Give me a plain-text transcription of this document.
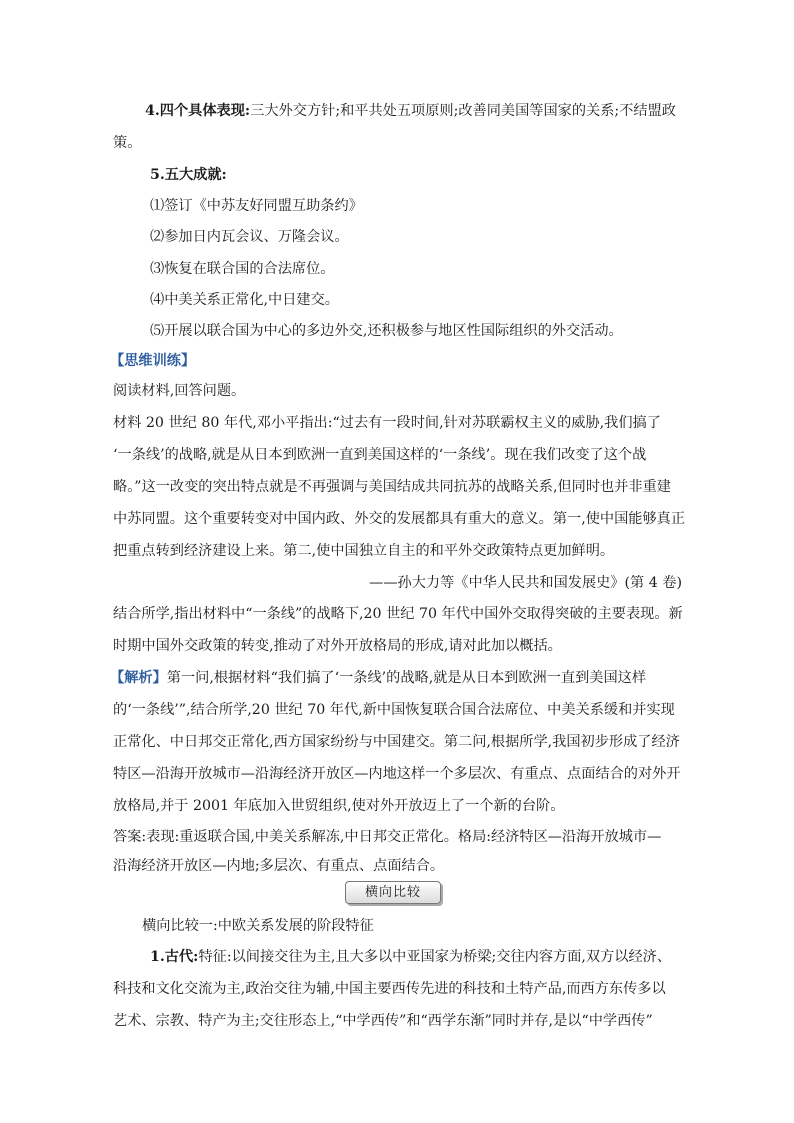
4.四个具体表现:三大外交方针;和平共处五项原则;改善同美国等国家的关系;不结盟政
策。
5.五大成就:
⑴签订《中苏友好同盟互助条约》
⑵参加日内瓦会议、万隆会议。
⑶恢复在联合国的合法席位。
⑷中美关系正常化,中日建交。
⑸开展以联合国为中心的多边外交,还积极参与地区性国际组织的外交活动。
【思维训练】
阅读材料,回答问题。
材料 20 世纪 80 年代,邓小平指出:“过去有一段时间,针对苏联霸权主义的威胁,我们搞了
‘一条线’的战略,就是从日本到欧洲一直到美国这样的‘一条线’。现在我们改变了这个战
略。”这一改变的突出特点就是不再强调与美国结成共同抗苏的战略关系,但同时也并非重建
中苏同盟。这个重要转变对中国内政、外交的发展都具有重大的意义。第一,使中国能够真正
把重点转到经济建设上来。第二,使中国独立自主的和平外交政策特点更加鲜明。
——孙大力等《中华人民共和国发展史》(第 4 卷)
结合所学,指出材料中“一条线”的战略下,20 世纪 70 年代中国外交取得突破的主要表现。新
时期中国外交政策的转变,推动了对外开放格局的形成,请对此加以概括。
【解析】第一问,根据材料“我们搞了‘一条线’的战略,就是从日本到欧洲一直到美国这样
的‘一条线’”,结合所学,20 世纪 70 年代,新中国恢复联合国合法席位、中美关系缓和并实现
正常化、中日邦交正常化,西方国家纷纷与中国建交。第二问,根据所学,我国初步形成了经济
特区—沿海开放城市—沿海经济开放区—内地这样一个多层次、有重点、点面结合的对外开
放格局,并于 2001 年底加入世贸组织,使对外开放迈上了一个新的台阶。
答案:表现:重返联合国,中美关系解冻,中日邦交正常化。格局:经济特区—沿海开放城市—
沿海经济开放区—内地;多层次、有重点、点面结合。
横向比较
横向比较一:中欧关系发展的阶段特征
1.古代:特征:以间接交往为主,且大多以中亚国家为桥梁;交往内容方面,双方以经济、
科技和文化交流为主,政治交往为辅,中国主要西传先进的科技和土特产品,而西方东传多以
艺术、宗教、特产为主;交往形态上,“中学西传”和“西学东渐”同时并存,是以“中学西传”
